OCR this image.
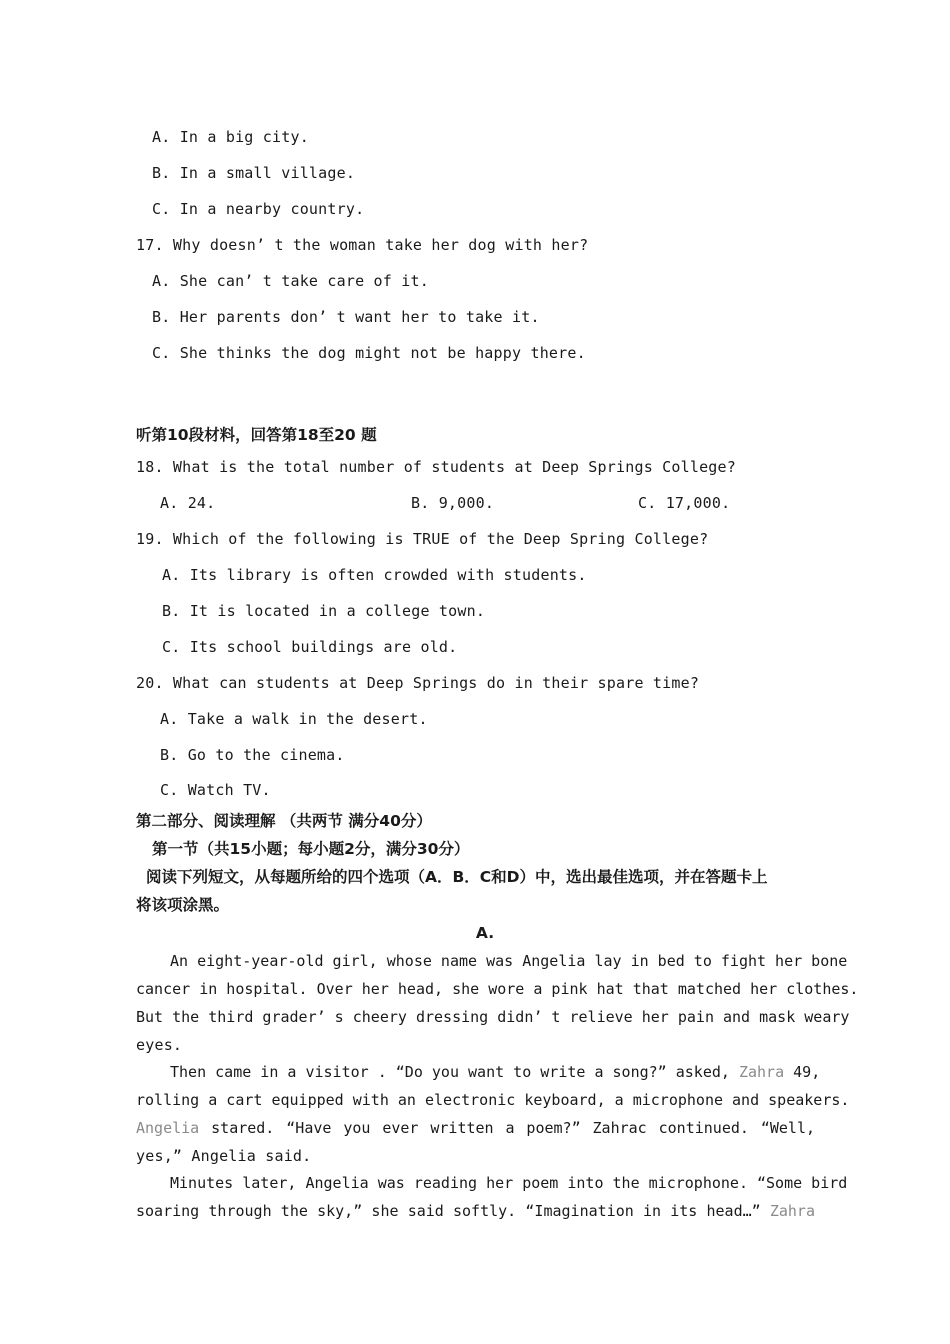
A. In a big city.
B. In a small village.
C. In a nearby country.
17. Why doesn’ t the woman take her dog with her?
A. She can’ t take care of it.
B. Her parents don’ t want her to take it.
C. She thinks the dog might not be happy there.
听第10段材料，回答第18至20 题
18. What is the total number of students at Deep Springs College?
A. 24.	B. 9,000.	C. 17,000.
19. Which of the following is TRUE of the Deep Spring College?
A. Its library is often crowded with students.
B. It is located in a college town.
C. Its school buildings are old.
20. What can students at Deep Springs do in their spare time?
A. Take a walk in the desert.
B. Go to the cinema.
C. Watch TV.
第二部分、阅读理解 （共两节 满分40分）
第一节（共15小题；每小题2分，满分30分）
阅读下列短文，从每题所给的四个选项（A．B．C和D）中，选出最佳选项，并在答题卡上
将该项涂黑。
A.
An eight-year-old girl, whose name was Angelia lay in bed to fight her bone
cancer in hospital. Over her head, she wore a pink hat that matched her clothes.
But the third grader’ s cheery dressing didn’ t relieve her pain and mask weary
eyes.
Then came in a visitor . “Do you want to write a song?” asked, Zahra 49,
rolling a cart equipped with an electronic keyboard, a microphone and speakers.
Angelia stared. “Have you ever written a poem?” Zahrac continued. “Well,
yes,” Angelia said.
Minutes later, Angelia was reading her poem into the microphone. “Some bird
soaring through the sky,” she said softly. “Imagination in its head…” Zahra
